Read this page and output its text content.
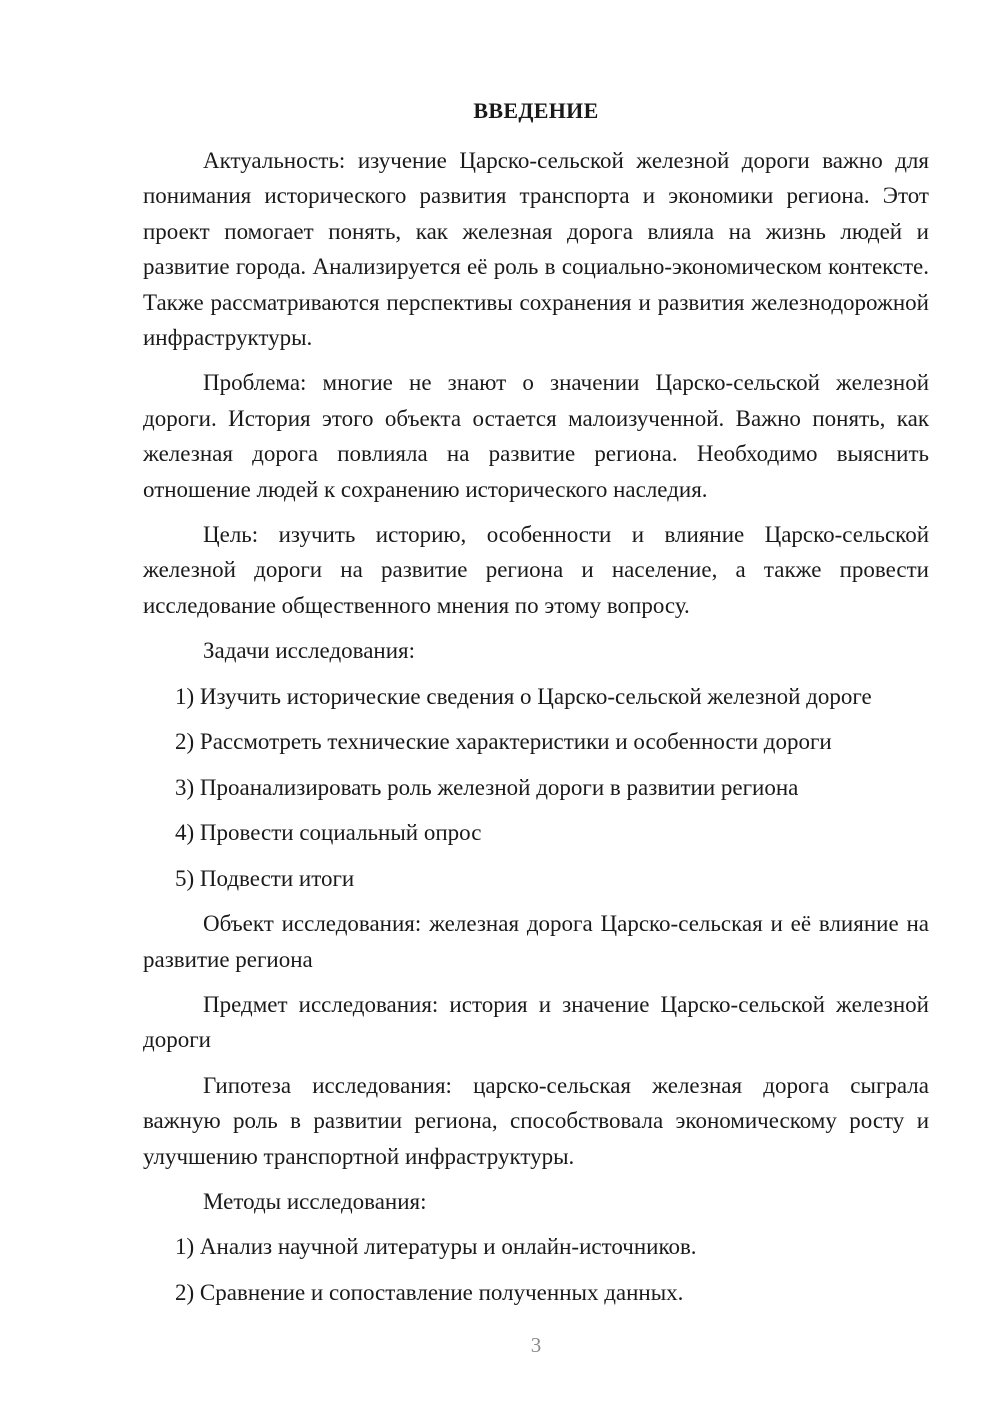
ВВЕДЕНИЕ

Актуальность: изучение Царско-сельской железной дороги важно для понимания исторического развития транспорта и экономики региона. Этот проект помогает понять, как железная дорога влияла на жизнь людей и развитие города. Анализируется её роль в социально-экономическом контексте. Также рассматриваются перспективы сохранения и развития железнодорожной инфраструктуры.

Проблема: многие не знают о значении Царско-сельской железной дороги. История этого объекта остается малоизученной. Важно понять, как железная дорога повлияла на развитие региона. Необходимо выяснить отношение людей к сохранению исторического наследия.

Цель: изучить историю, особенности и влияние Царско-сельской железной дороги на развитие региона и население, а также провести исследование общественного мнения по этому вопросу.

Задачи исследования:

1) Изучить исторические сведения о Царско-сельской железной дороге
2) Рассмотреть технические характеристики и особенности дороги
3) Проанализировать роль железной дороги в развитии региона
4) Провести социальный опрос
5) Подвести итоги

Объект исследования: железная дорога Царско-сельская и её влияние на развитие региона

Предмет исследования: история и значение Царско-сельской железной дороги

Гипотеза исследования: царско-сельская железная дорога сыграла важную роль в развитии региона, способствовала экономическому росту и улучшению транспортной инфраструктуры.

Методы исследования:

1) Анализ научной литературы и онлайн-источников.
2) Сравнение и сопоставление полученных данных.
3
